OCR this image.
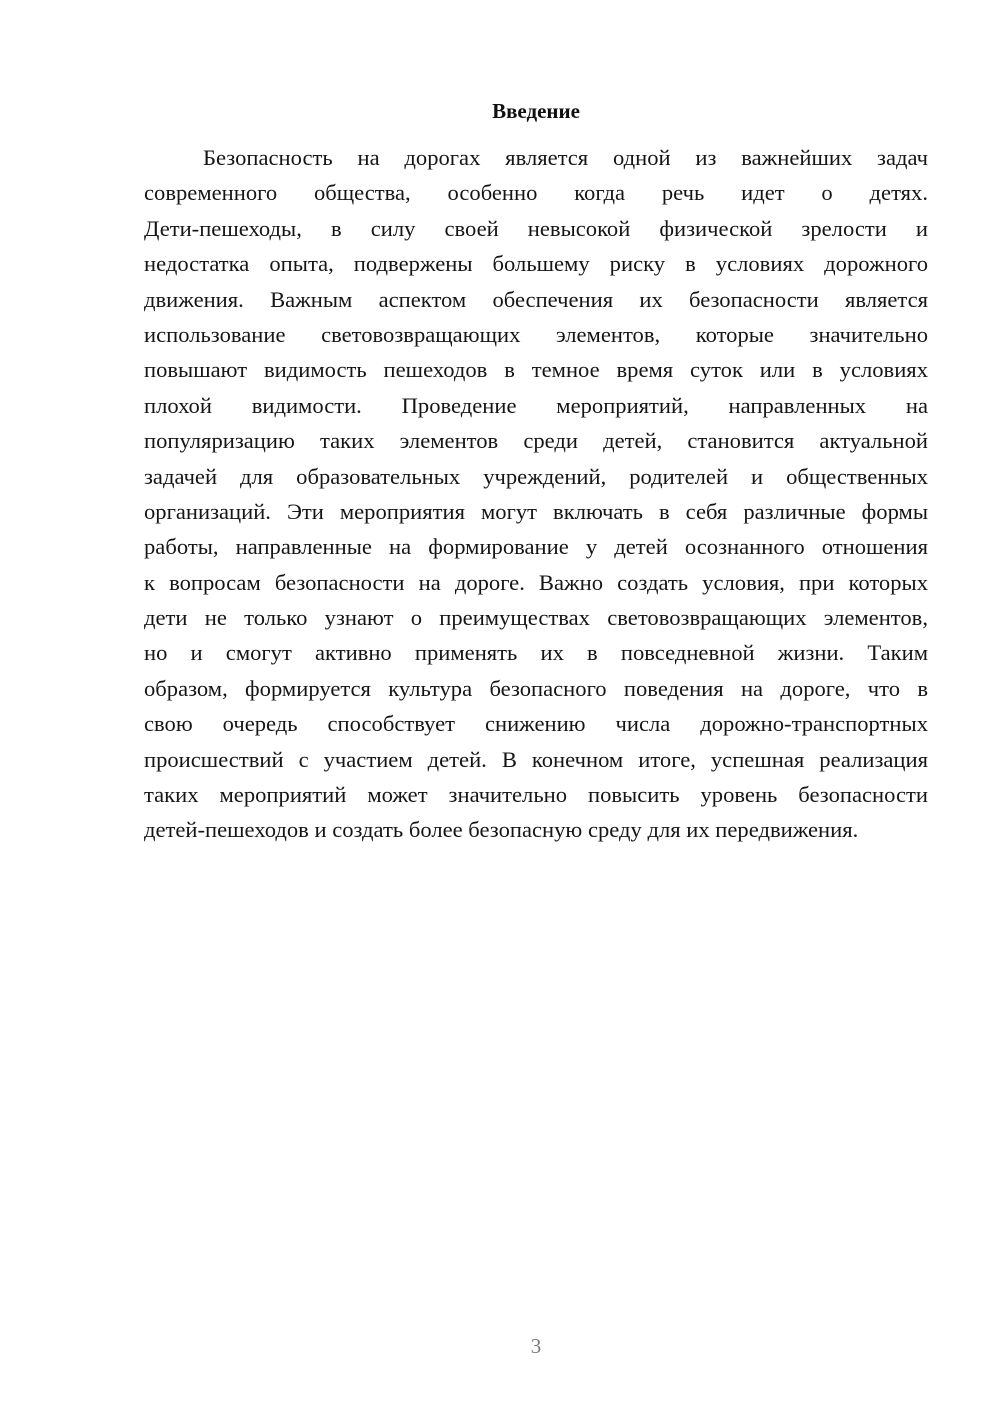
Введение
Безопасность на дорогах является одной из важнейших задач
современного общества, особенно когда речь идет о детях.
Дети-пешеходы, в силу своей невысокой физической зрелости и
недостатка опыта, подвержены большему риску в условиях дорожного
движения. Важным аспектом обеспечения их безопасности является
использование световозвращающих элементов, которые значительно
повышают видимость пешеходов в темное время суток или в условиях
плохой видимости. Проведение мероприятий, направленных на
популяризацию таких элементов среди детей, становится актуальной
задачей для образовательных учреждений, родителей и общественных
организаций. Эти мероприятия могут включать в себя различные формы
работы, направленные на формирование у детей осознанного отношения
к вопросам безопасности на дороге. Важно создать условия, при которых
дети не только узнают о преимуществах световозвращающих элементов,
но и смогут активно применять их в повседневной жизни. Таким
образом, формируется культура безопасного поведения на дороге, что в
свою очередь способствует снижению числа дорожно-транспортных
происшествий с участием детей. В конечном итоге, успешная реализация
таких мероприятий может значительно повысить уровень безопасности
детей-пешеходов и создать более безопасную среду для их передвижения.
3
